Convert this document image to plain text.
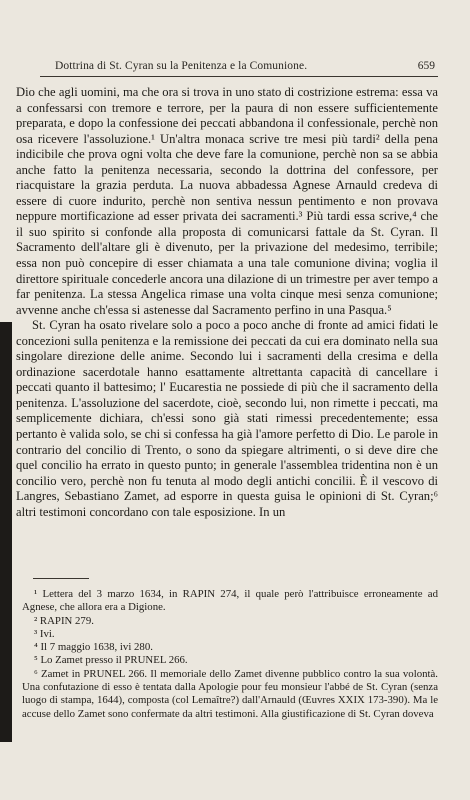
Dottrina di St. Cyran su la Penitenza e la Comunione.	659

Dio che agli uomini, ma che ora si trova in uno stato di costrizione estrema: essa va a confessarsi con tremore e terrore, per la paura di non essere sufficientemente preparata, e dopo la confessione dei peccati abbandona il confessionale, perchè non osa ricevere l'assoluzione.¹ Un'altra monaca scrive tre mesi più tardi² della pena indicibile che prova ogni volta che deve fare la comunione, perchè non sa se abbia anche fatto la penitenza necessaria, secondo la dottrina del confessore, per riacquistare la grazia perduta. La nuova abbadessa Agnese Arnauld credeva di essere di cuore indurito, perchè non sentiva nessun pentimento e non provava neppure mortificazione ad esser privata dei sacramenti.³ Più tardi essa scrive,⁴ che il suo spirito si confonde alla proposta di comunicarsi fattale da St. Cyran. Il Sacramento dell'altare gli è divenuto, per la privazione del medesimo, terribile; essa non può concepire di esser chiamata a una tale comunione divina; voglia il direttore spirituale concederle ancora una dilazione di un trimestre per aver tempo a far penitenza. La stessa Angelica rimase una volta cinque mesi senza comunione; avvenne anche ch'essa si astenesse dal Sacramento perfino in una Pasqua.⁵

St. Cyran ha osato rivelare solo a poco a poco anche di fronte ad amici fidati le concezioni sulla penitenza e la remissione dei peccati da cui era dominato nella sua singolare direzione delle anime. Secondo lui i sacramenti della cresima e della ordinazione sacerdotale hanno esattamente altrettanta capacità di cancellare i peccati quanto il battesimo; l' Eucarestia ne possiede di più che il sacramento della penitenza. L'assoluzione del sacerdote, cioè, secondo lui, non rimette i peccati, ma semplicemente dichiara, ch'essi sono già stati rimessi precedentemente; essa pertanto è valida solo, se chi si confessa ha già l'amore perfetto di Dio. Le parole in contrario del concilio di Trento, o sono da spiegare altrimenti, o si deve dire che quel concilio ha errato in questo punto; in generale l'assemblea tridentina non è un concilio vero, perchè non fu tenuta al modo degli antichi concilii. È il vescovo di Langres, Sebastiano Zamet, ad esporre in questa guisa le opinioni di St. Cyran;⁶ altri testimoni concordano con tale esposizione. In un

¹ Lettera del 3 marzo 1634, in RAPIN 274, il quale però l'attribuisce erroneamente ad Agnese, che allora era a Digione.

² RAPIN 279.

³ Ivi.

⁴ Il 7 maggio 1638, ivi 280.

⁵ Lo Zamet presso il PRUNEL 266.

⁶ Zamet in PRUNEL 266. Il memoriale dello Zamet divenne pubblico contro la sua volontà. Una confutazione di esso è tentata dalla Apologie pour feu monsieur l'abbé de St. Cyran (senza luogo di stampa, 1644), composta (col Lemaître?) dall'Arnauld (Œuvres XXIX 173-390). Ma le accuse dello Zamet sono confermate da altri testimoni. Alla giustificazione di St. Cyran doveva
